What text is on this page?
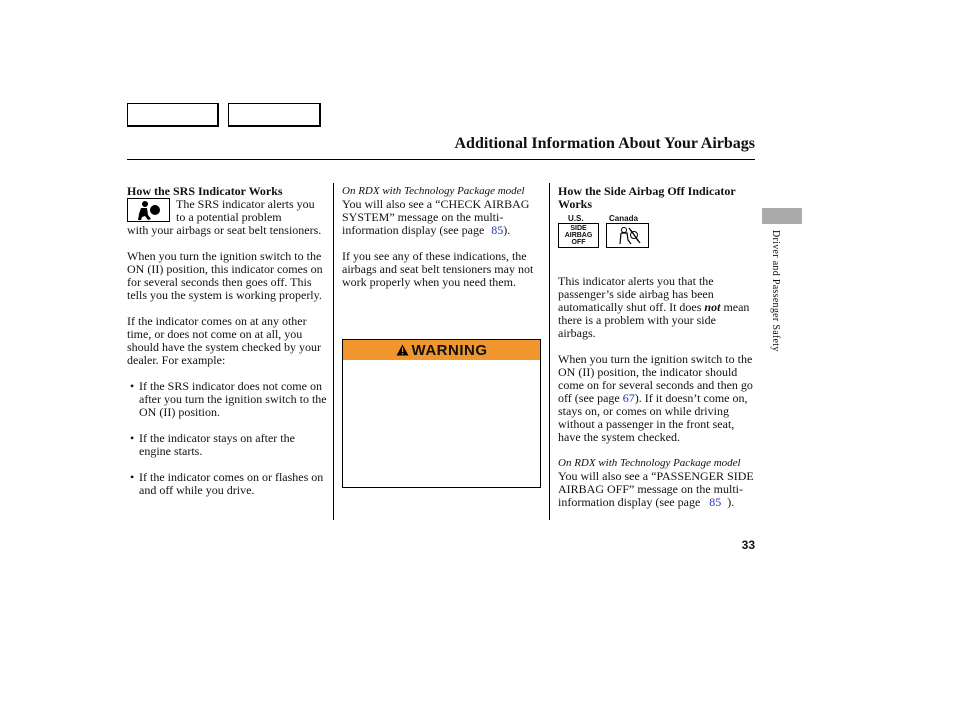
Additional Information About Your Airbags

How the SRS Indicator Works

The SRS indicator alerts you to a potential problem

with your airbags or seat belt tensioners.

When you turn the ignition switch to the ON (II) position, this indicator comes on for several seconds then goes off. This tells you the system is working properly.

If the indicator comes on at any other time, or does not come on at all, you should have the system checked by your dealer. For example:

• If the SRS indicator does not come on after you turn the ignition switch to the ON (II) position.

• If the indicator stays on after the engine starts.

• If the indicator comes on or flashes on and off while you drive.

On RDX with Technology Package model

You will also see a “CHECK AIRBAG SYSTEM” message on the multi-information display (see page 85).

If you see any of these indications, the airbags and seat belt tensioners may not work properly when you need them.

WARNING

How the Side Airbag Off Indicator Works

U.S.	Canada
SIDE
AIRBAG
OFF

This indicator alerts you that the passenger’s side airbag has been automatically shut off. It does not mean there is a problem with your side airbags.

When you turn the ignition switch to the ON (II) position, the indicator should come on for several seconds and then go off (see page 67). If it doesn’t come on, stays on, or comes on while driving without a passenger in the front seat, have the system checked.

On RDX with Technology Package model

You will also see a “PASSENGER SIDE AIRBAG OFF” message on the multi-information display (see page 85 ).

Driver and Passenger Safety
33
